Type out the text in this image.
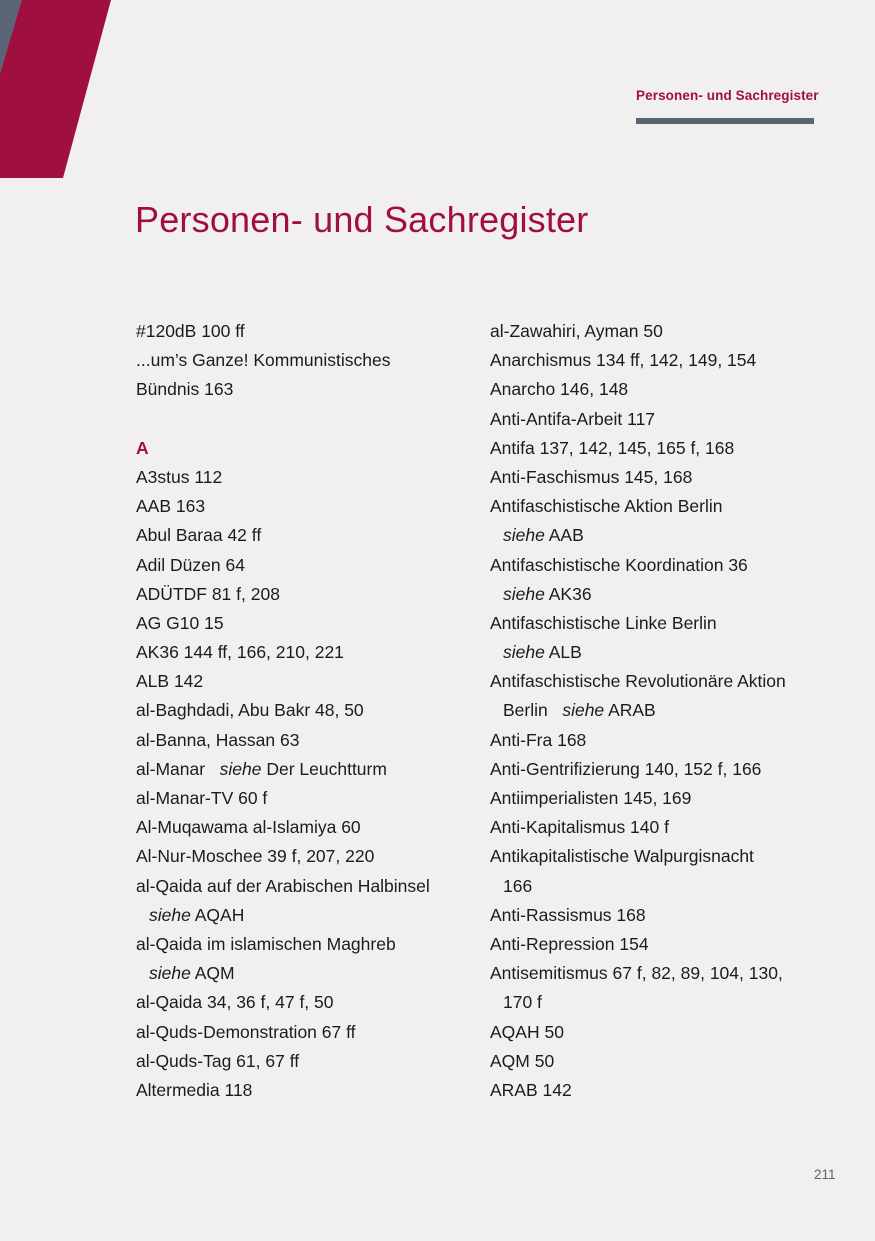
Personen- und Sachregister
Personen- und Sachregister
#120dB 100 ff
...um’s Ganze! Kommunistisches
Bündnis 163
A
A3stus 112
AAB 163
Abul Baraa 42 ff
Adil Düzen 64
ADÜTDF 81 f, 208
AG G10 15
AK36 144 ff, 166, 210, 221
ALB 142
al-Baghdadi, Abu Bakr 48, 50
al-Banna, Hassan 63
al-Manar   siehe Der Leuchtturm
al-Manar-TV 60 f
Al-Muqawama al-Islamiya 60
Al-Nur-Moschee 39 f, 207, 220
al-Qaida auf der Arabischen Halbinsel
siehe AQAH
al-Qaida im islamischen Maghreb
siehe AQM
al-Qaida 34, 36 f, 47 f, 50
al-Quds-Demonstration 67 ff
al-Quds-Tag 61, 67 ff
Altermedia 118
al-Zawahiri, Ayman 50
Anarchismus 134 ff, 142, 149, 154
Anarcho 146, 148
Anti-Antifa-Arbeit 117
Antifa 137, 142, 145, 165 f, 168
Anti-Faschismus 145, 168
Antifaschistische Aktion Berlin
siehe AAB
Antifaschistische Koordination 36
siehe AK36
Antifaschistische Linke Berlin
siehe ALB
Antifaschistische Revolutionäre Aktion
Berlin   siehe ARAB
Anti-Fra 168
Anti-Gentrifizierung 140, 152 f, 166
Antiimperialisten 145, 169
Anti-Kapitalismus 140 f
Antikapitalistische Walpurgisnacht
166
Anti-Rassismus 168
Anti-Repression 154
Antisemitismus 67 f, 82, 89, 104, 130,
170 f
AQAH 50
AQM 50
ARAB 142
211
